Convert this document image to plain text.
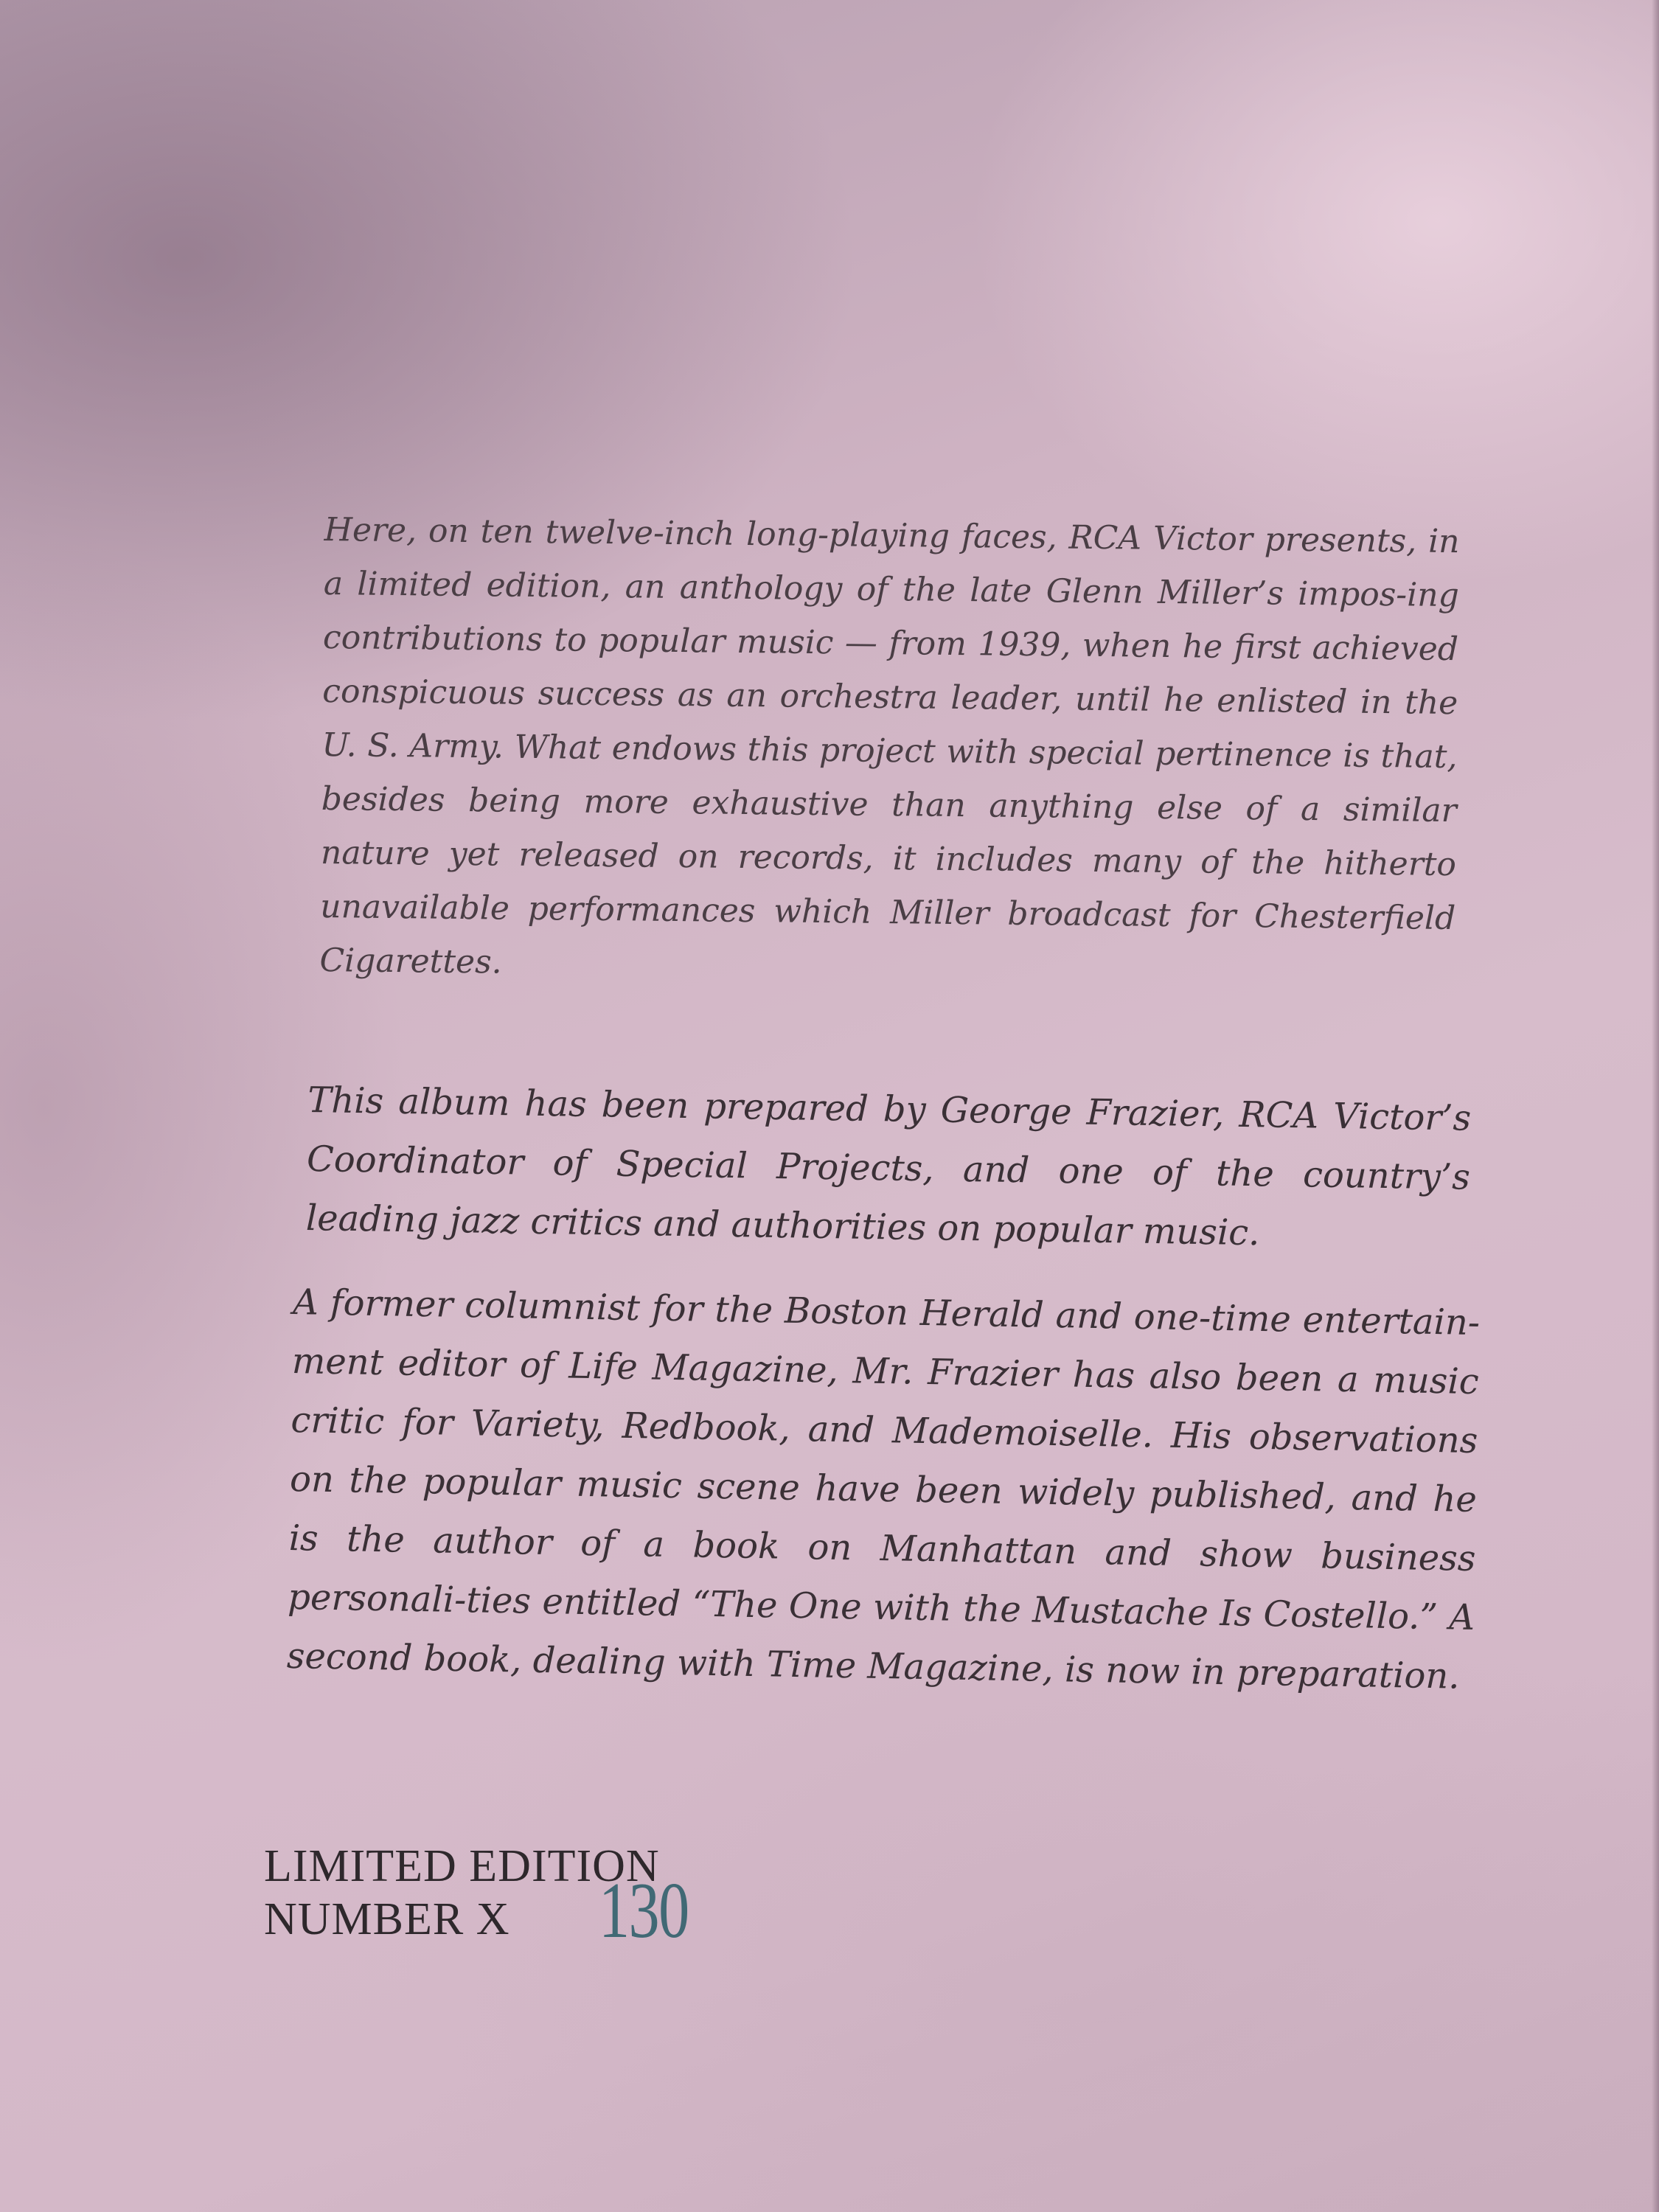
Here, on ten twelve-inch long-playing faces, RCA Victor presents, in a limited edition, an anthology of the late Glenn Miller’s impos-ing contributions to popular music — from 1939, when he first achieved conspicuous success as an orchestra leader, until he enlisted in the U. S. Army. What endows this project with special pertinence is that, besides being more exhaustive than anything else of a similar nature yet released on records, it includes many of the hitherto unavailable performances which Miller broadcast for Chesterfield Cigarettes.

This album has been prepared by George Frazier, RCA Victor’s Coordinator of Special Projects, and one of the country’s leading jazz critics and authorities on popular music.

A former columnist for the Boston Herald and one-time entertain-ment editor of Life Magazine, Mr. Frazier has also been a music critic for Variety, Redbook, and Mademoiselle. His observations on the popular music scene have been widely published, and he is the author of a book on Manhattan and show business personali-ties entitled “The One with the Mustache Is Costello.” A second book, dealing with Time Magazine, is now in preparation.

LIMITED EDITION
NUMBER X	130
